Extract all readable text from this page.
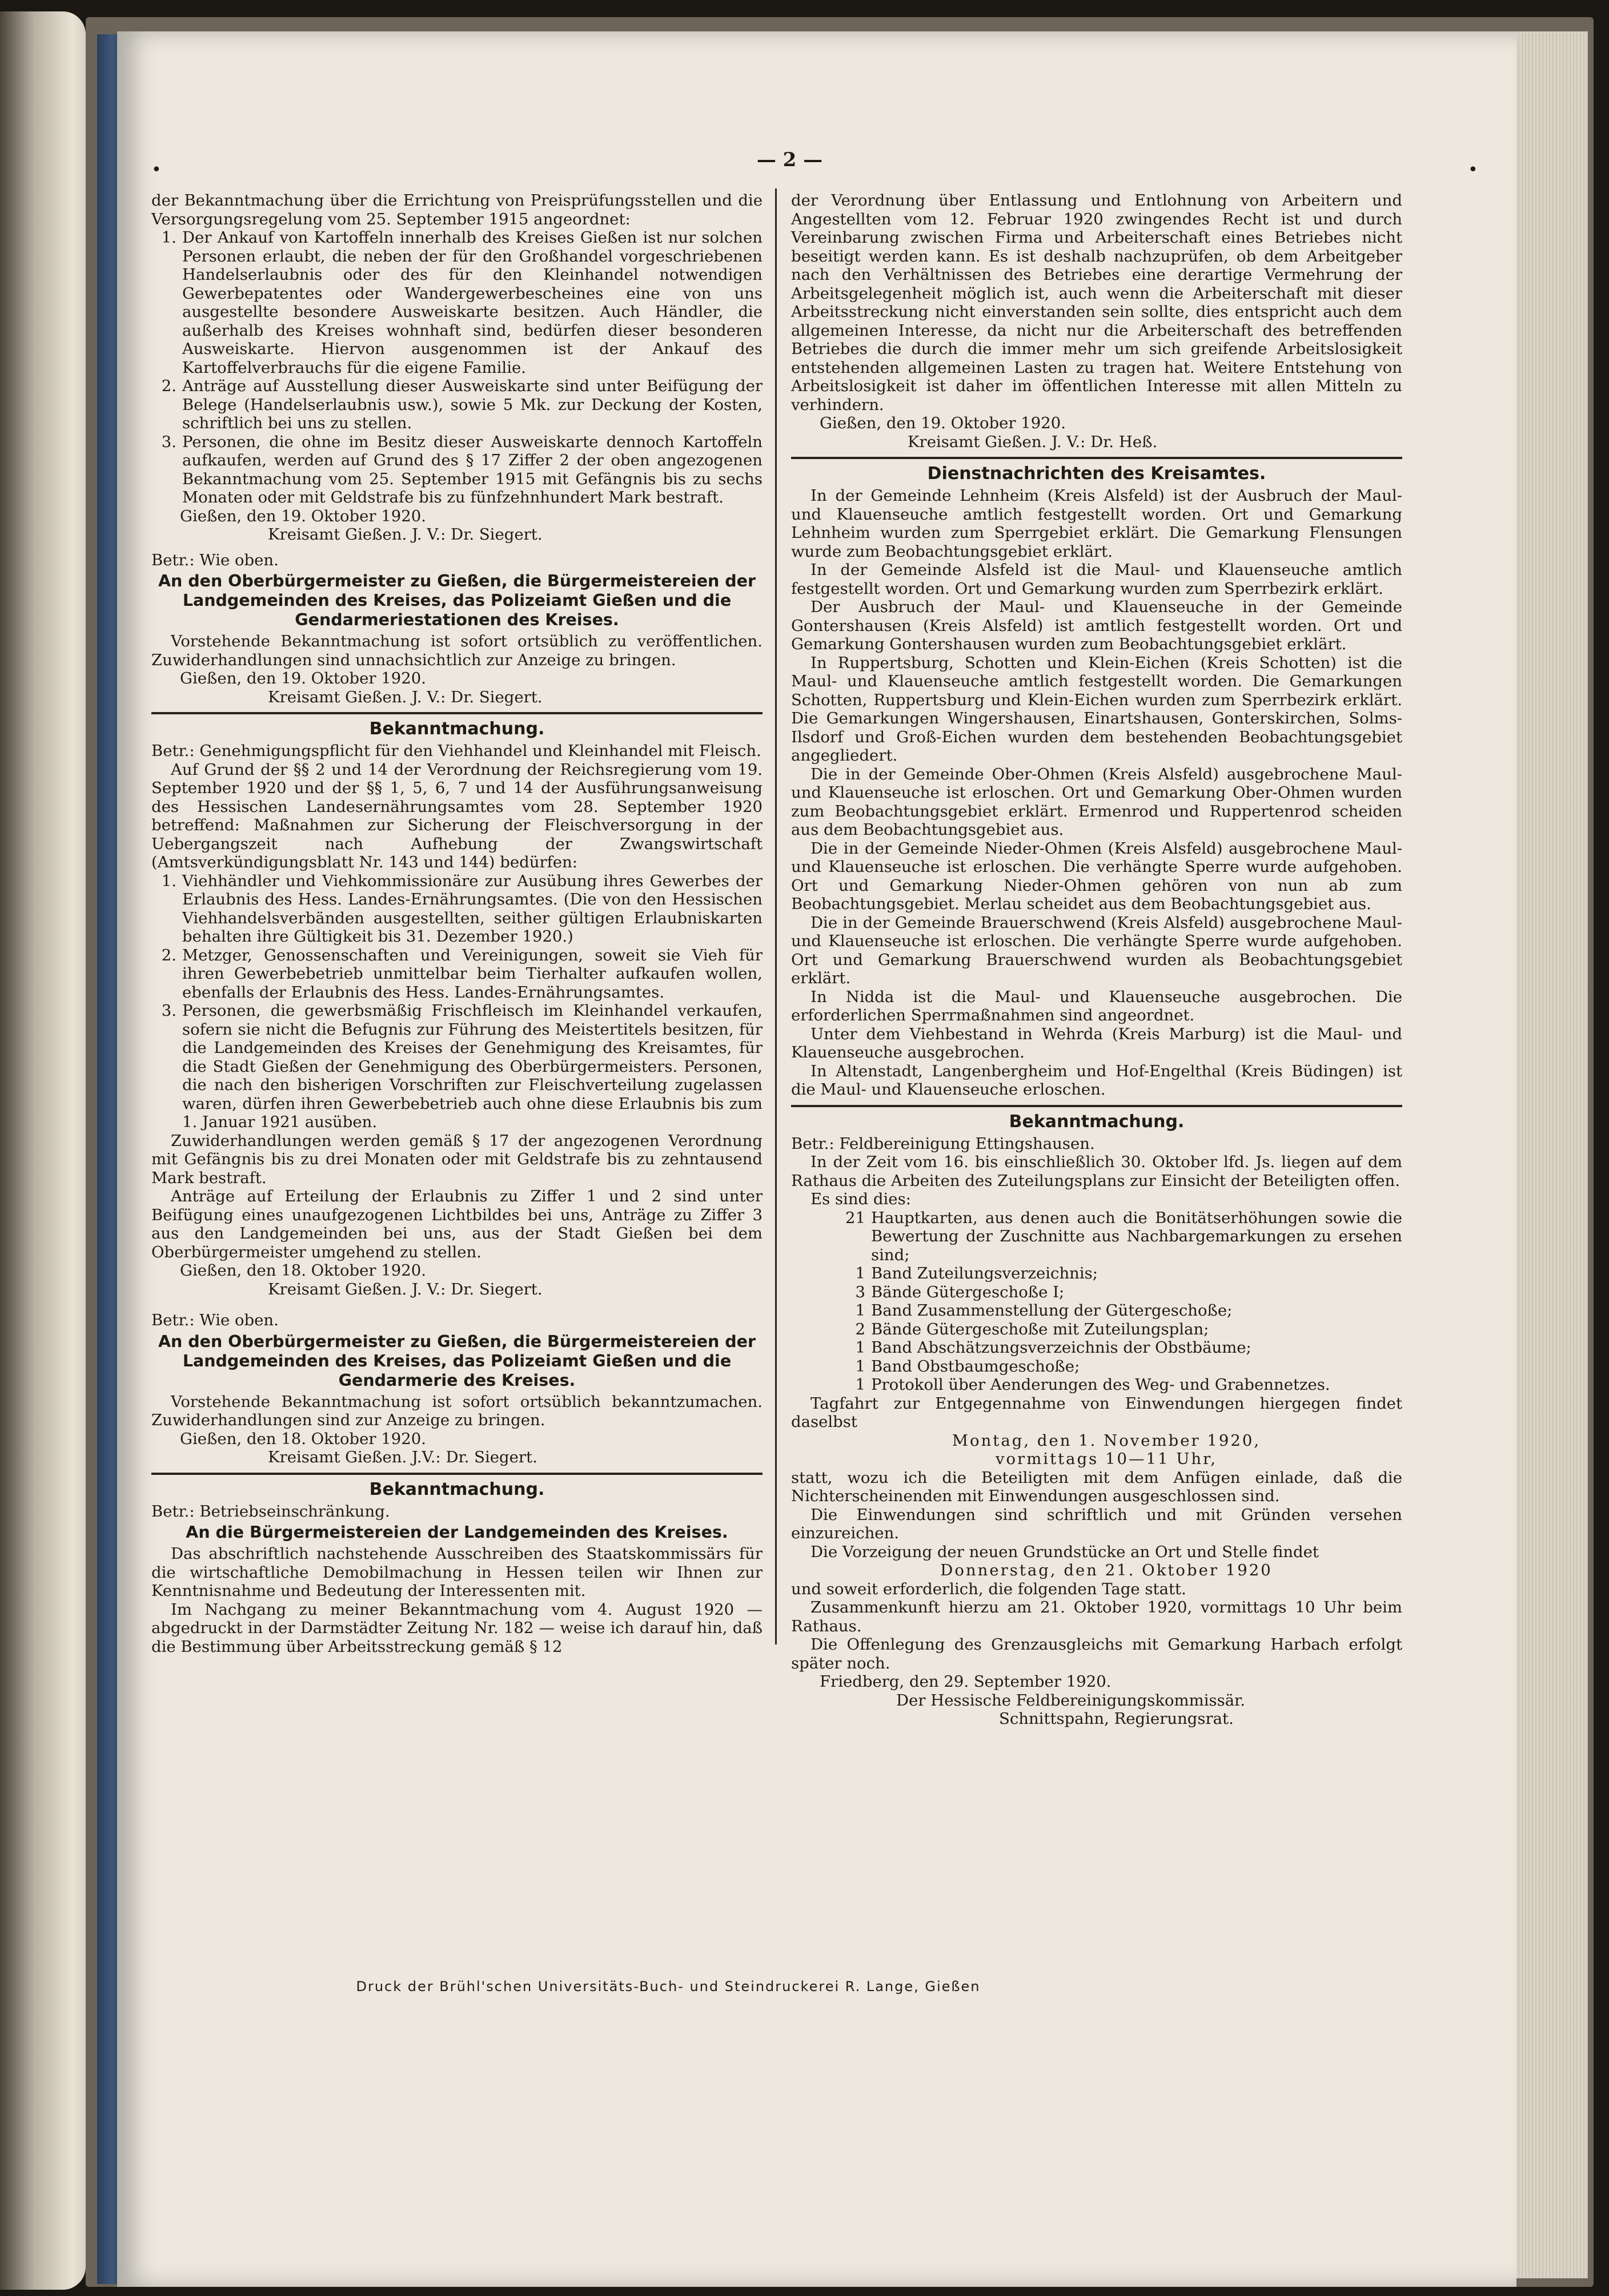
•	•
— 2 —

der Bekanntmachung über die Errichtung von Preisprüfungsstellen und die Versorgungsregelung vom 25. September 1915 angeordnet:

1. Der Ankauf von Kartoffeln innerhalb des Kreises Gießen ist nur solchen Personen erlaubt, die neben der für den Großhandel vorgeschriebenen Handelserlaubnis oder des für den Kleinhandel notwendigen Gewerbepatentes oder Wandergewerbescheines eine von uns ausgestellte besondere Ausweiskarte besitzen. Auch Händler, die außerhalb des Kreises wohnhaft sind, bedürfen dieser besonderen Ausweiskarte. Hiervon ausgenommen ist der Ankauf des Kartoffelverbrauchs für die eigene Familie.
2. Anträge auf Ausstellung dieser Ausweiskarte sind unter Beifügung der Belege (Handelserlaubnis usw.), sowie 5 Mk. zur Deckung der Kosten, schriftlich bei uns zu stellen.
3. Personen, die ohne im Besitz dieser Ausweiskarte dennoch Kartoffeln aufkaufen, werden auf Grund des § 17 Ziffer 2 der oben angezogenen Bekanntmachung vom 25. September 1915 mit Gefängnis bis zu sechs Monaten oder mit Geldstrafe bis zu fünfzehnhundert Mark bestraft.

Gießen, den 19. Oktober 1920.

Kreisamt Gießen. J. V.: Dr. Siegert.

Betr.: Wie oben.

An den Oberbürgermeister zu Gießen, die Bürgermeistereien der Landgemeinden des Kreises, das Polizeiamt Gießen und die Gendarmeriestationen des Kreises.

Vorstehende Bekanntmachung ist sofort ortsüblich zu veröffentlichen. Zuwiderhandlungen sind unnachsichtlich zur Anzeige zu bringen.

Gießen, den 19. Oktober 1920.

Kreisamt Gießen. J. V.: Dr. Siegert.

Bekanntmachung.

Betr.: Genehmigungspflicht für den Viehhandel und Kleinhandel mit Fleisch.

Auf Grund der §§ 2 und 14 der Verordnung der Reichsregierung vom 19. September 1920 und der §§ 1, 5, 6, 7 und 14 der Ausführungsanweisung des Hessischen Landesernährungsamtes vom 28. September 1920 betreffend: Maßnahmen zur Sicherung der Fleischversorgung in der Uebergangszeit nach Aufhebung der Zwangswirtschaft (Amtsverkündigungsblatt Nr. 143 und 144) bedürfen:

1. Viehhändler und Viehkommissionäre zur Ausübung ihres Gewerbes der Erlaubnis des Hess. Landes-Ernährungsamtes. (Die von den Hessischen Viehhandelsverbänden ausgestellten, seither gültigen Erlaubniskarten behalten ihre Gültigkeit bis 31. Dezember 1920.)
2. Metzger, Genossenschaften und Vereinigungen, soweit sie Vieh für ihren Gewerbebetrieb unmittelbar beim Tierhalter aufkaufen wollen, ebenfalls der Erlaubnis des Hess. Landes-Ernährungsamtes.
3. Personen, die gewerbsmäßig Frischfleisch im Kleinhandel verkaufen, sofern sie nicht die Befugnis zur Führung des Meistertitels besitzen, für die Landgemeinden des Kreises der Genehmigung des Kreisamtes, für die Stadt Gießen der Genehmigung des Oberbürgermeisters. Personen, die nach den bisherigen Vorschriften zur Fleischverteilung zugelassen waren, dürfen ihren Gewerbebetrieb auch ohne diese Erlaubnis bis zum 1. Januar 1921 ausüben.

Zuwiderhandlungen werden gemäß § 17 der angezogenen Verordnung mit Gefängnis bis zu drei Monaten oder mit Geldstrafe bis zu zehntausend Mark bestraft.

Anträge auf Erteilung der Erlaubnis zu Ziffer 1 und 2 sind unter Beifügung eines unaufgezogenen Lichtbildes bei uns, Anträge zu Ziffer 3 aus den Landgemeinden bei uns, aus der Stadt Gießen bei dem Oberbürgermeister umgehend zu stellen.

Gießen, den 18. Oktober 1920.

Kreisamt Gießen. J. V.: Dr. Siegert.

Betr.: Wie oben.

An den Oberbürgermeister zu Gießen, die Bürgermeistereien der Landgemeinden des Kreises, das Polizeiamt Gießen und die Gendarmerie des Kreises.

Vorstehende Bekanntmachung ist sofort ortsüblich bekanntzumachen. Zuwiderhandlungen sind zur Anzeige zu bringen.

Gießen, den 18. Oktober 1920.

Kreisamt Gießen. J.V.: Dr. Siegert.

Bekanntmachung.

Betr.: Betriebseinschränkung.

An die Bürgermeistereien der Landgemeinden des Kreises.

Das abschriftlich nachstehende Ausschreiben des Staatskommissärs für die wirtschaftliche Demobilmachung in Hessen teilen wir Ihnen zur Kenntnisnahme und Bedeutung der Interessenten mit.

Im Nachgang zu meiner Bekanntmachung vom 4. August 1920 — abgedruckt in der Darmstädter Zeitung Nr. 182 — weise ich darauf hin, daß die Bestimmung über Arbeitsstreckung gemäß § 12

der Verordnung über Entlassung und Entlohnung von Arbeitern und Angestellten vom 12. Februar 1920 zwingendes Recht ist und durch Vereinbarung zwischen Firma und Arbeiterschaft eines Betriebes nicht beseitigt werden kann. Es ist deshalb nachzuprüfen, ob dem Arbeitgeber nach den Verhältnissen des Betriebes eine derartige Vermehrung der Arbeitsgelegenheit möglich ist, auch wenn die Arbeiterschaft mit dieser Arbeitsstreckung nicht einverstanden sein sollte, dies entspricht auch dem allgemeinen Interesse, da nicht nur die Arbeiterschaft des betreffenden Betriebes die durch die immer mehr um sich greifende Arbeitslosigkeit entstehenden allgemeinen Lasten zu tragen hat. Weitere Entstehung von Arbeitslosigkeit ist daher im öffentlichen Interesse mit allen Mitteln zu verhindern.

Gießen, den 19. Oktober 1920.

Kreisamt Gießen. J. V.: Dr. Heß.

Dienstnachrichten des Kreisamtes.

In der Gemeinde Lehnheim (Kreis Alsfeld) ist der Ausbruch der Maul- und Klauenseuche amtlich festgestellt worden. Ort und Gemarkung Lehnheim wurden zum Sperrgebiet erklärt. Die Gemarkung Flensungen wurde zum Beobachtungsgebiet erklärt.

In der Gemeinde Alsfeld ist die Maul- und Klauenseuche amtlich festgestellt worden. Ort und Gemarkung wurden zum Sperrbezirk erklärt.

Der Ausbruch der Maul- und Klauenseuche in der Gemeinde Gontershausen (Kreis Alsfeld) ist amtlich festgestellt worden. Ort und Gemarkung Gontershausen wurden zum Beobachtungsgebiet erklärt.

In Ruppertsburg, Schotten und Klein-Eichen (Kreis Schotten) ist die Maul- und Klauenseuche amtlich festgestellt worden. Die Gemarkungen Schotten, Ruppertsburg und Klein-Eichen wurden zum Sperrbezirk erklärt. Die Gemarkungen Wingershausen, Einartshausen, Gonterskirchen, Solms-Ilsdorf und Groß-Eichen wurden dem bestehenden Beobachtungsgebiet angegliedert.

Die in der Gemeinde Ober-Ohmen (Kreis Alsfeld) ausgebrochene Maul- und Klauenseuche ist erloschen. Ort und Gemarkung Ober-Ohmen wurden zum Beobachtungsgebiet erklärt. Ermenrod und Ruppertenrod scheiden aus dem Beobachtungsgebiet aus.

Die in der Gemeinde Nieder-Ohmen (Kreis Alsfeld) ausgebrochene Maul- und Klauenseuche ist erloschen. Die verhängte Sperre wurde aufgehoben. Ort und Gemarkung Nieder-Ohmen gehören von nun ab zum Beobachtungsgebiet. Merlau scheidet aus dem Beobachtungsgebiet aus.

Die in der Gemeinde Brauerschwend (Kreis Alsfeld) ausgebrochene Maul- und Klauenseuche ist erloschen. Die verhängte Sperre wurde aufgehoben. Ort und Gemarkung Brauerschwend wurden als Beobachtungsgebiet erklärt.

In Nidda ist die Maul- und Klauenseuche ausgebrochen. Die erforderlichen Sperrmaßnahmen sind angeordnet.

Unter dem Viehbestand in Wehrda (Kreis Marburg) ist die Maul- und Klauenseuche ausgebrochen.

In Altenstadt, Langenbergheim und Hof-Engelthal (Kreis Büdingen) ist die Maul- und Klauenseuche erloschen.

Bekanntmachung.

Betr.: Feldbereinigung Ettingshausen.

In der Zeit vom 16. bis einschließlich 30. Oktober lfd. Js. liegen auf dem Rathaus die Arbeiten des Zuteilungsplans zur Einsicht der Beteiligten offen.

Es sind dies:

21 Hauptkarten, aus denen auch die Bonitätserhöhungen sowie die Bewertung der Zuschnitte aus Nachbargemarkungen zu ersehen sind;
1 Band Zuteilungsverzeichnis;
3 Bände Gütergeschoße I;
1 Band Zusammenstellung der Gütergeschoße;
2 Bände Gütergeschoße mit Zuteilungsplan;
1 Band Abschätzungsverzeichnis der Obstbäume;
1 Band Obstbaumgeschoße;
1 Protokoll über Aenderungen des Weg- und Grabennetzes.

Tagfahrt zur Entgegennahme von Einwendungen hiergegen findet daselbst

Montag, den 1. November 1920,

vormittags 10—11 Uhr,

statt, wozu ich die Beteiligten mit dem Anfügen einlade, daß die Nichterscheinenden mit Einwendungen ausgeschlossen sind.

Die Einwendungen sind schriftlich und mit Gründen versehen einzureichen.

Die Vorzeigung der neuen Grundstücke an Ort und Stelle findet

Donnerstag, den 21. Oktober 1920

und soweit erforderlich, die folgenden Tage statt.

Zusammenkunft hierzu am 21. Oktober 1920, vormittags 10 Uhr beim Rathaus.

Die Offenlegung des Grenzausgleichs mit Gemarkung Harbach erfolgt später noch.

Friedberg, den 29. September 1920.

Der Hessische Feldbereinigungskommissär.

Schnittspahn, Regierungsrat.

Druck der Brühl'schen Universitäts-Buch- und Steindruckerei R. Lange, Gießen
